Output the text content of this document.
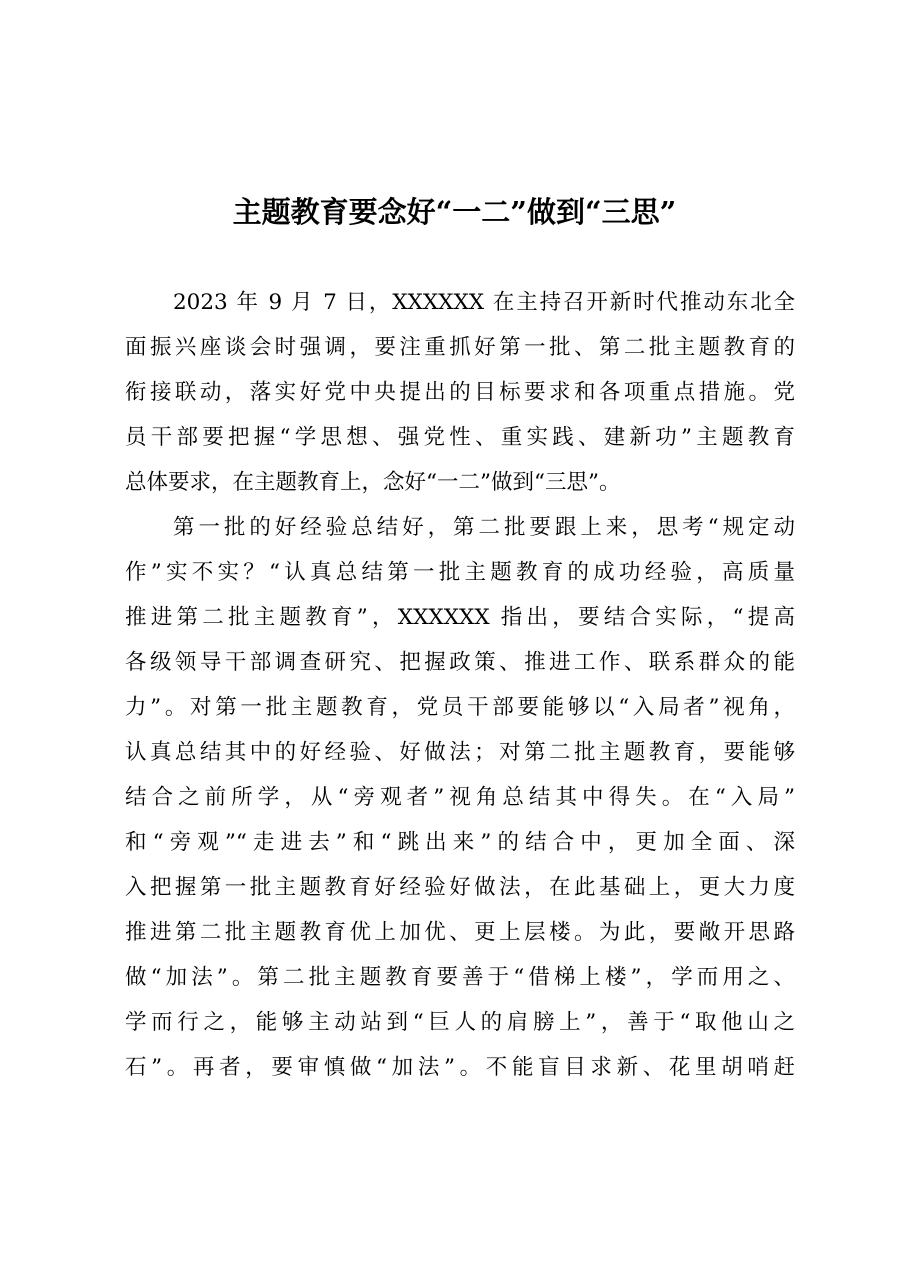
主题教育要念好“一二”做到“三思”

2023 年 9 月 7 日，XXXXXX 在主持召开新时代推动东北全
面振兴座谈会时强调，要注重抓好第一批、第二批主题教育的
衔接联动，落实好党中央提出的目标要求和各项重点措施。党
员干部要把握“学思想、强党性、重实践、建新功”主题教育
总体要求，在主题教育上，念好“一二”做到“三思”。

第一批的好经验总结好，第二批要跟上来，思考“规定动
作”实不实？“认真总结第一批主题教育的成功经验，高质量
推进第二批主题教育”，XXXXXX 指出，要结合实际，“提高
各级领导干部调查研究、把握政策、推进工作、联系群众的能
力”。对第一批主题教育，党员干部要能够以“入局者”视角，
认真总结其中的好经验、好做法；对第二批主题教育，要能够
结合之前所学，从“旁观者”视角总结其中得失。在“入局”
和“旁观”“走进去”和“跳出来”的结合中，更加全面、深
入把握第一批主题教育好经验好做法，在此基础上，更大力度
推进第二批主题教育优上加优、更上层楼。为此，要敞开思路
做“加法”。第二批主题教育要善于“借梯上楼”，学而用之、
学而行之，能够主动站到“巨人的肩膀上”，善于“取他山之
石”。再者，要审慎做“加法”。不能盲目求新、花里胡哨赶
